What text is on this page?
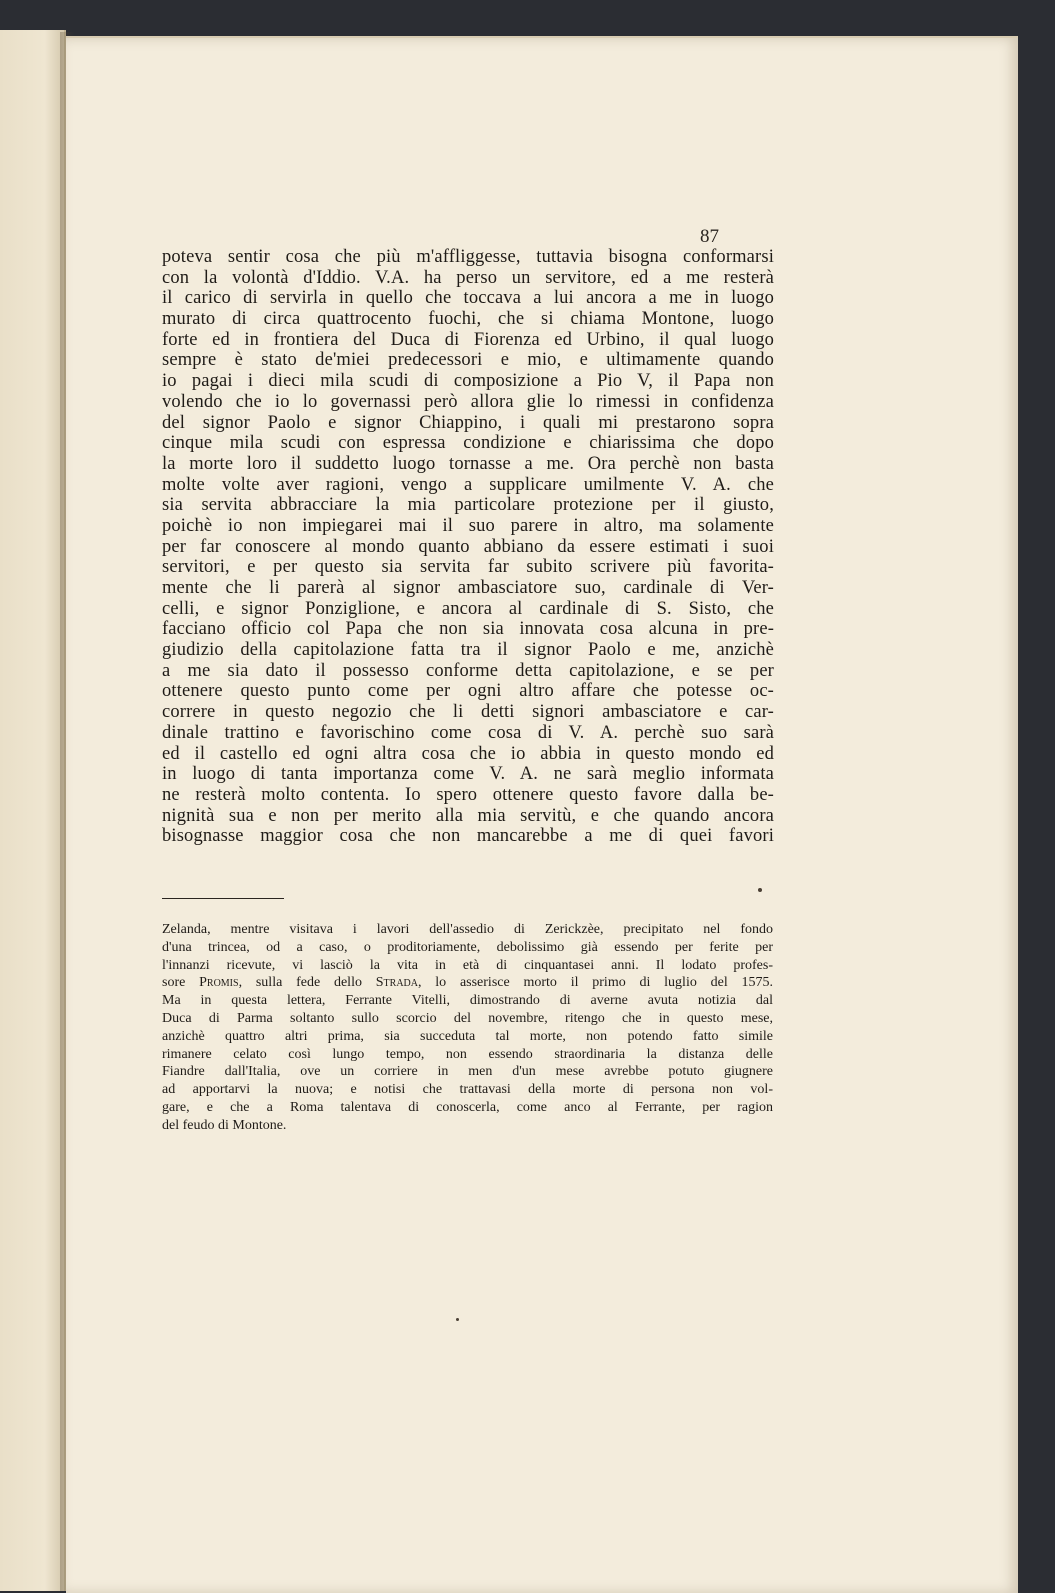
87
poteva sentir cosa che più m'affliggesse, tuttavia bisogna conformarsi
con la volontà d'Iddio. V.A. ha perso un servitore, ed a me resterà
il carico di servirla in quello che toccava a lui ancora a me in luogo
murato di circa quattrocento fuochi, che si chiama Montone, luogo
forte ed in frontiera del Duca di Fiorenza ed Urbino, il qual luogo
sempre è stato de'miei predecessori e mio, e ultimamente quando
io pagai i dieci mila scudi di composizione a Pio V, il Papa non
volendo che io lo governassi però allora glie lo rimessi in confidenza
del signor Paolo e signor Chiappino, i quali mi prestarono sopra
cinque mila scudi con espressa condizione e chiarissima che dopo
la morte loro il suddetto luogo tornasse a me. Ora perchè non basta
molte volte aver ragioni, vengo a supplicare umilmente V. A. che
sia servita abbracciare la mia particolare protezione per il giusto,
poichè io non impiegarei mai il suo parere in altro, ma solamente
per far conoscere al mondo quanto abbiano da essere estimati i suoi
servitori, e per questo sia servita far subito scrivere più favorita-
mente che li parerà al signor ambasciatore suo, cardinale di Ver-
celli, e signor Ponziglione, e ancora al cardinale di S. Sisto, che
facciano officio col Papa che non sia innovata cosa alcuna in pre-
giudizio della capitolazione fatta tra il signor Paolo e me, anzichè
a me sia dato il possesso conforme detta capitolazione, e se per
ottenere questo punto come per ogni altro affare che potesse oc-
correre in questo negozio che li detti signori ambasciatore e car-
dinale trattino e favorischino come cosa di V. A. perchè suo sarà
ed il castello ed ogni altra cosa che io abbia in questo mondo ed
in luogo di tanta importanza come V. A. ne sarà meglio informata
ne resterà molto contenta. Io spero ottenere questo favore dalla be-
nignità sua e non per merito alla mia servitù, e che quando ancora
bisognasse maggior cosa che non mancarebbe a me di quei favori
Zelanda, mentre visitava i lavori dell'assedio di Zerickzèe, precipitato nel fondo
d'una trincea, od a caso, o proditoriamente, debolissimo già essendo per ferite per
l'innanzi ricevute, vi lasciò la vita in età di cinquantasei anni. Il lodato profes-
sore Promis, sulla fede dello Strada, lo asserisce morto il primo di luglio del 1575.
Ma in questa lettera, Ferrante Vitelli, dimostrando di averne avuta notizia dal
Duca di Parma soltanto sullo scorcio del novembre, ritengo che in questo mese,
anzichè quattro altri prima, sia succeduta tal morte, non potendo fatto simile
rimanere celato così lungo tempo, non essendo straordinaria la distanza delle
Fiandre dall'Italia, ove un corriere in men d'un mese avrebbe potuto giugnere
ad apportarvi la nuova; e notisi che trattavasi della morte di persona non vol-
gare, e che a Roma talentava di conoscerla, come anco al Ferrante, per ragion
del feudo di Montone.
